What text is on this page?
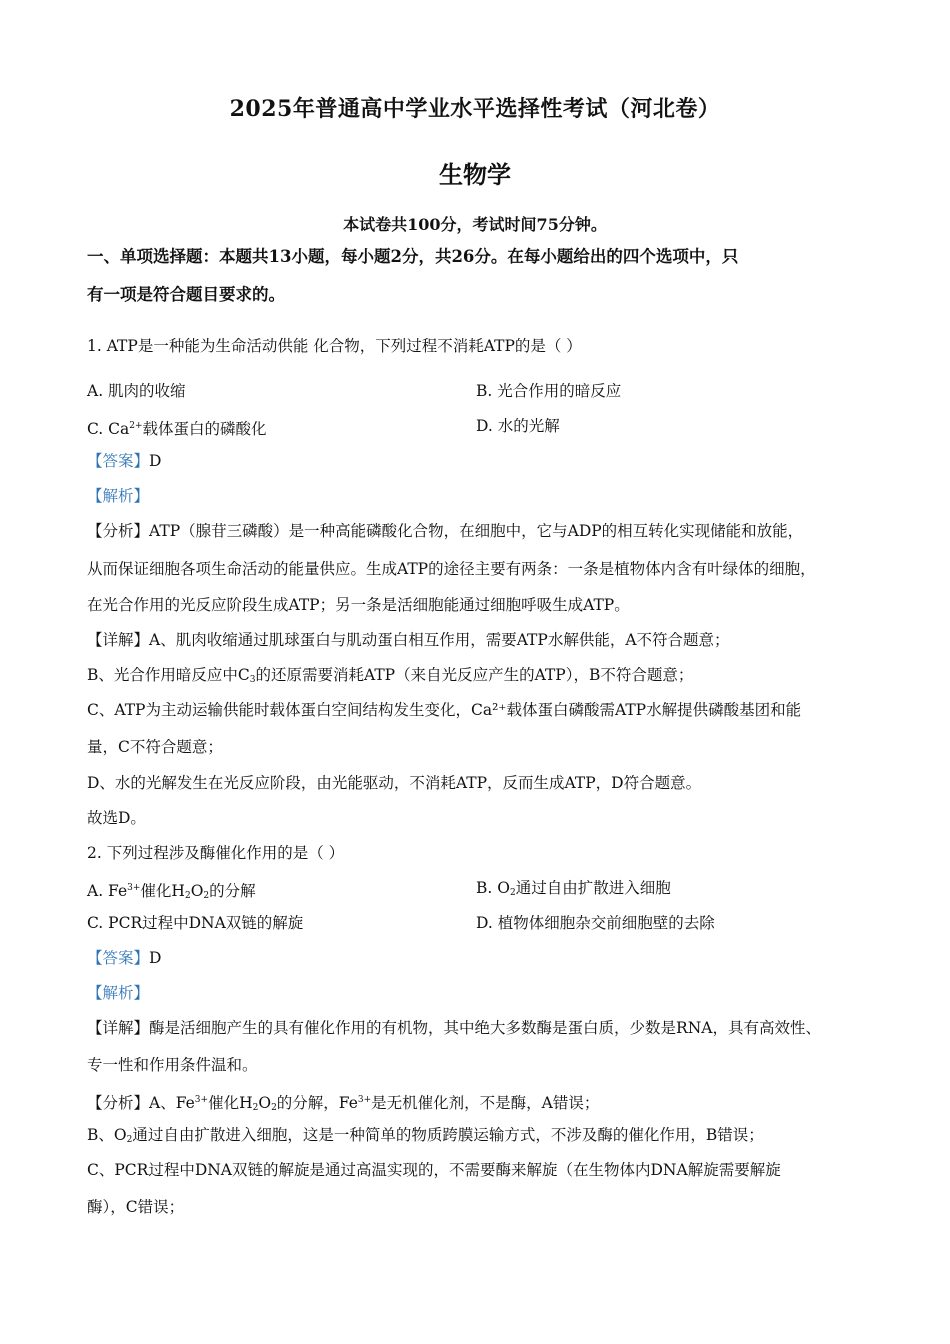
2025年普通高中学业水平选择性考试（河北卷）
生物学
本试卷共100分，考试时间75分钟。
一、单项选择题：本题共13小题，每小题2分，共26分。在每小题给出的四个选项中，只
有一项是符合题目要求的。
1. ATP是一种能为生命活动供能 化合物，下列过程不消耗ATP的是（ ）
A. 肌肉的收缩	B. 光合作用的暗反应
C. $Ca^{2+}$载体蛋白的磷酸化	D. 水的光解
【答案】D
【解析】
【分析】ATP（腺苷三磷酸）是一种高能磷酸化合物，在细胞中，它与ADP的相互转化实现储能和放能，
从而保证细胞各项生命活动的能量供应。生成ATP的途径主要有两条：一条是植物体内含有叶绿体的细胞，
在光合作用的光反应阶段生成ATP；另一条是活细胞能通过细胞呼吸生成ATP。
【详解】A、肌肉收缩通过肌球蛋白与肌动蛋白相互作用，需要ATP水解供能，A不符合题意；
B、光合作用暗反应中$C_3$的还原需要消耗ATP（来自光反应产生的ATP），B不符合题意；
C、ATP为主动运输供能时载体蛋白空间结构发生变化，Ca²⁺载体蛋白磷酸需ATP水解提供磷酸基团和能
量，C不符合题意；
D、水的光解发生在光反应阶段，由光能驱动，不消耗ATP，反而生成ATP，D符合题意。
故选D。
2. 下列过程涉及酶催化作用的是（ ）
A. $Fe^{3+}$催化$H_2O_2$的分解	B. $O_2$通过自由扩散进入细胞
C. PCR过程中DNA双链的解旋	D. 植物体细胞杂交前细胞壁的去除
【答案】D
【解析】
【详解】酶是活细胞产生的具有催化作用的有机物，其中绝大多数酶是蛋白质，少数是RNA，具有高效性、
专一性和作用条件温和。
【分析】A、$Fe^{3+}$催化$H_2O_2$的分解，$Fe^{3+}$是无机催化剂，不是酶，A错误；
B、$O_2$通过自由扩散进入细胞，这是一种简单的物质跨膜运输方式，不涉及酶的催化作用，B错误；
C、PCR过程中DNA双链的解旋是通过高温实现的，不需要酶来解旋（在生物体内DNA解旋需要解旋
酶），C错误；
